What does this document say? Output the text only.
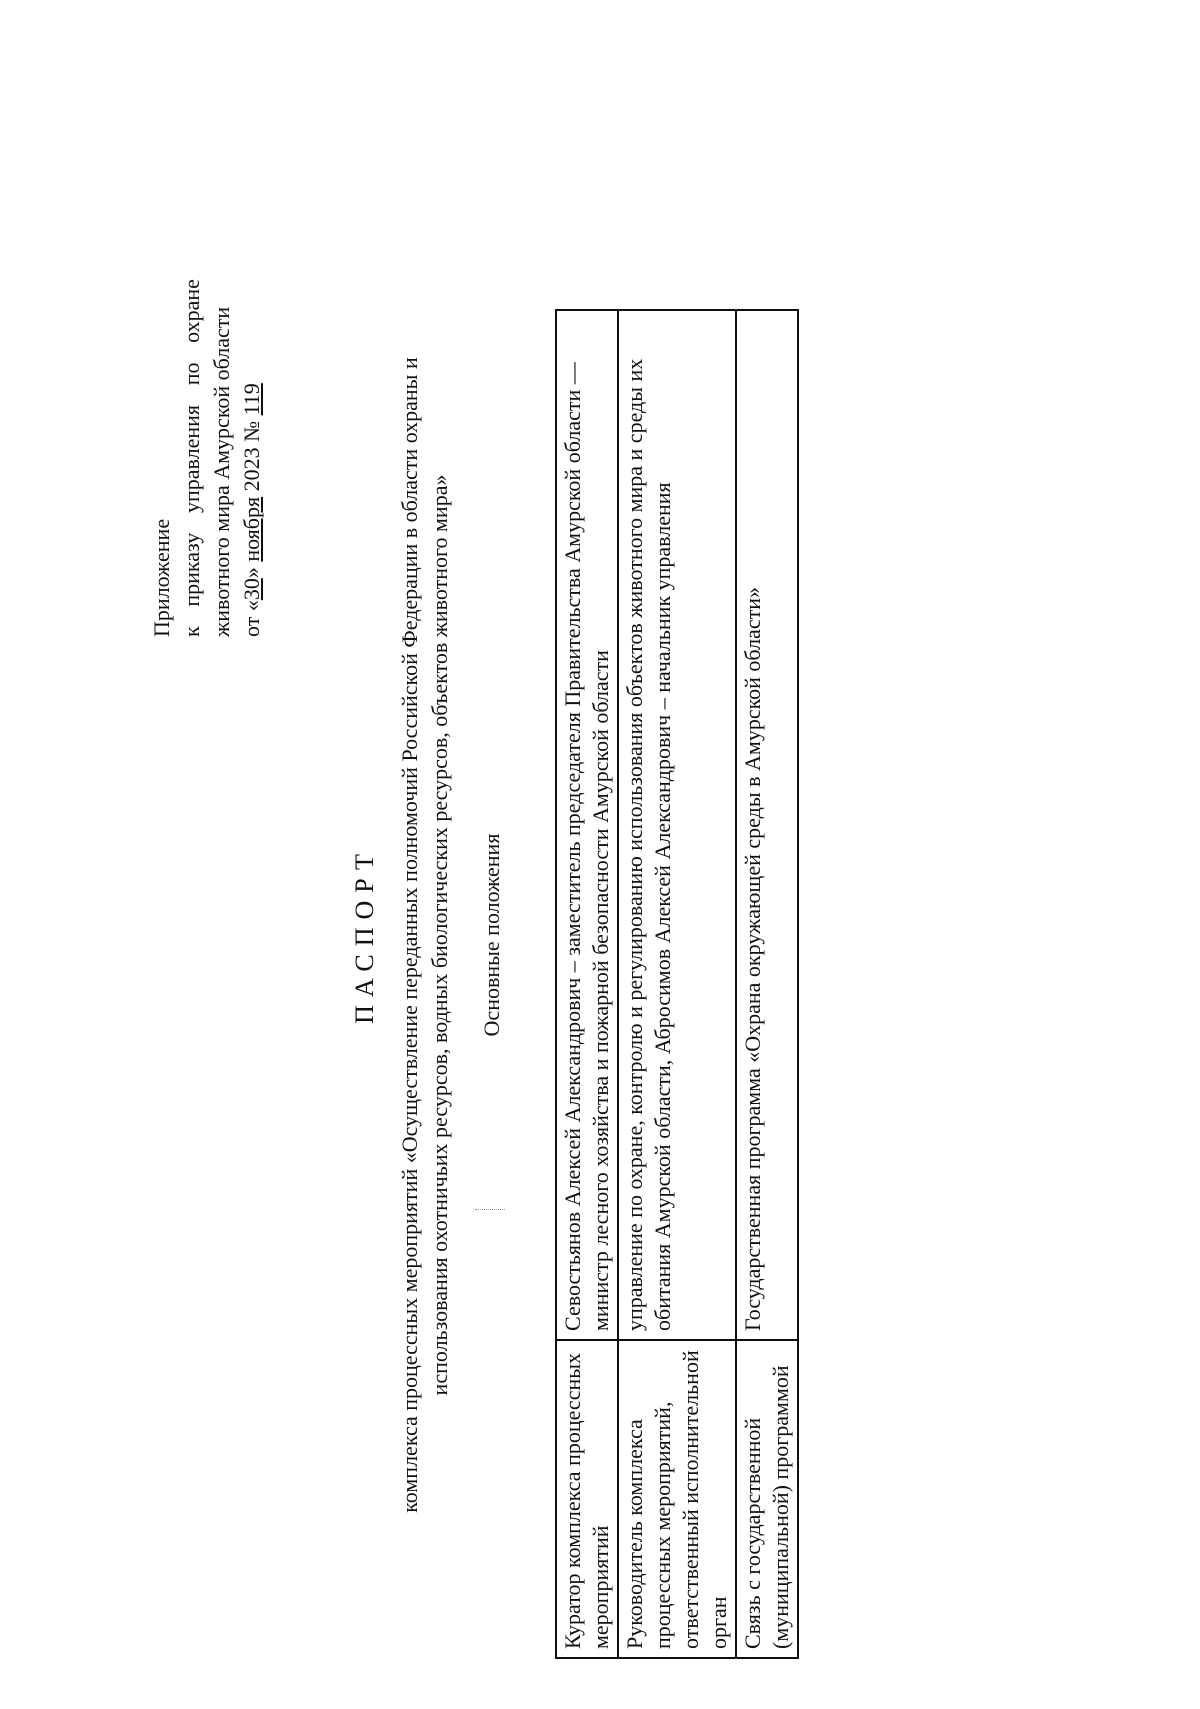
Приложение к
приказу
управления
по
охране животного мира Амурской области от «30» ноября 2023 № 119
ПАСПОРТ комплекса процессных мероприятий «Осуществление переданных полномочий Российской Федерации в области охраны и использования охотничьих ресурсов, водных биологических ресурсов, объектов животного мира» Основные положения
Куратор комплекса процессных мероприятий	Севостьянов Алексей Александрович – заместитель председателя Правительства Амурской области — министр лесного хозяйства и пожарной безопасности Амурской области
Руководитель комплекса процессных мероприятий, ответственный исполнительной орган	управление по охране, контролю и регулированию использования объектов животного мира и среды их обитания Амурской области, Абросимов Алексей Александрович – начальник управления
Связь с государственной (муниципальной) программой	Государственная программа «Охрана окружающей среды в Амурской области»
